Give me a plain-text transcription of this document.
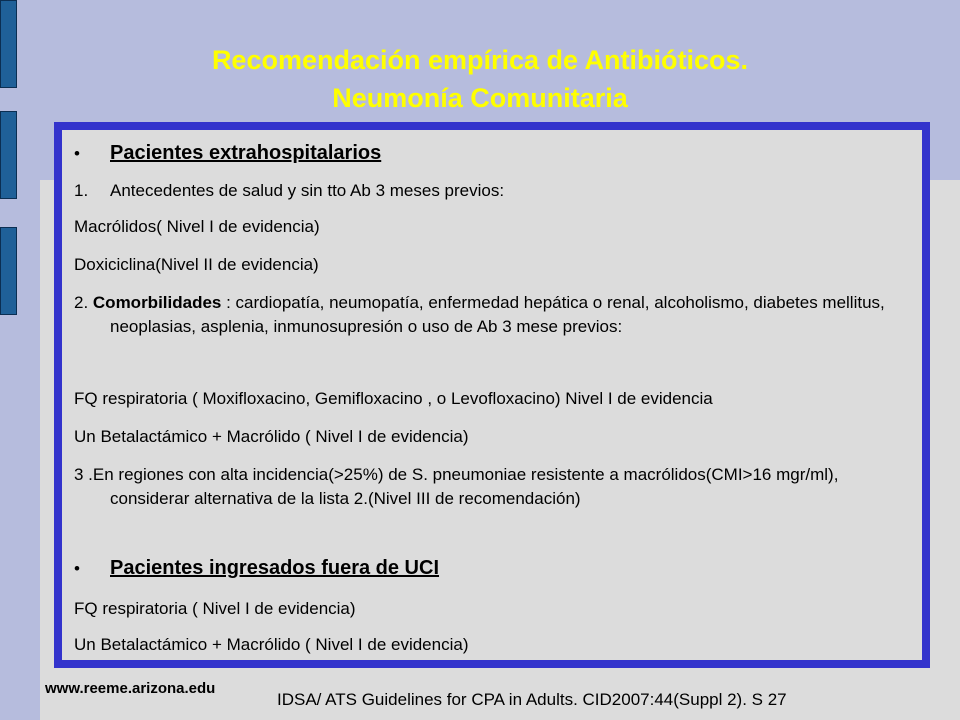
Recomendación empírica de Antibióticos.
Neumonía Comunitaria
• Pacientes extrahospitalarios
1. Antecedentes de salud y sin tto Ab 3 meses previos:
Macrólidos( Nivel I de evidencia)
Doxiciclina(Nivel II de evidencia)
2. Comorbilidades : cardiopatía, neumopatía, enfermedad hepática o renal, alcoholismo, diabetes mellitus, neoplasias, asplenia, inmunosupresión o uso de Ab 3 mese previos:
FQ respiratoria ( Moxifloxacino, Gemifloxacino , o Levofloxacino) Nivel I de evidencia
Un Betalactámico + Macrólido ( Nivel I de evidencia)
3 .En regiones con alta incidencia(>25%) de S. pneumoniae resistente a macrólidos(CMI>16 mgr/ml), considerar alternativa de la lista 2.(Nivel III de recomendación)
• Pacientes ingresados fuera de UCI
FQ respiratoria ( Nivel I de evidencia)
Un Betalactámico + Macrólido ( Nivel I de evidencia)
www.reeme.arizona.edu
IDSA/ ATS Guidelines for CPA in Adults. CID2007:44(Suppl 2). S 27
